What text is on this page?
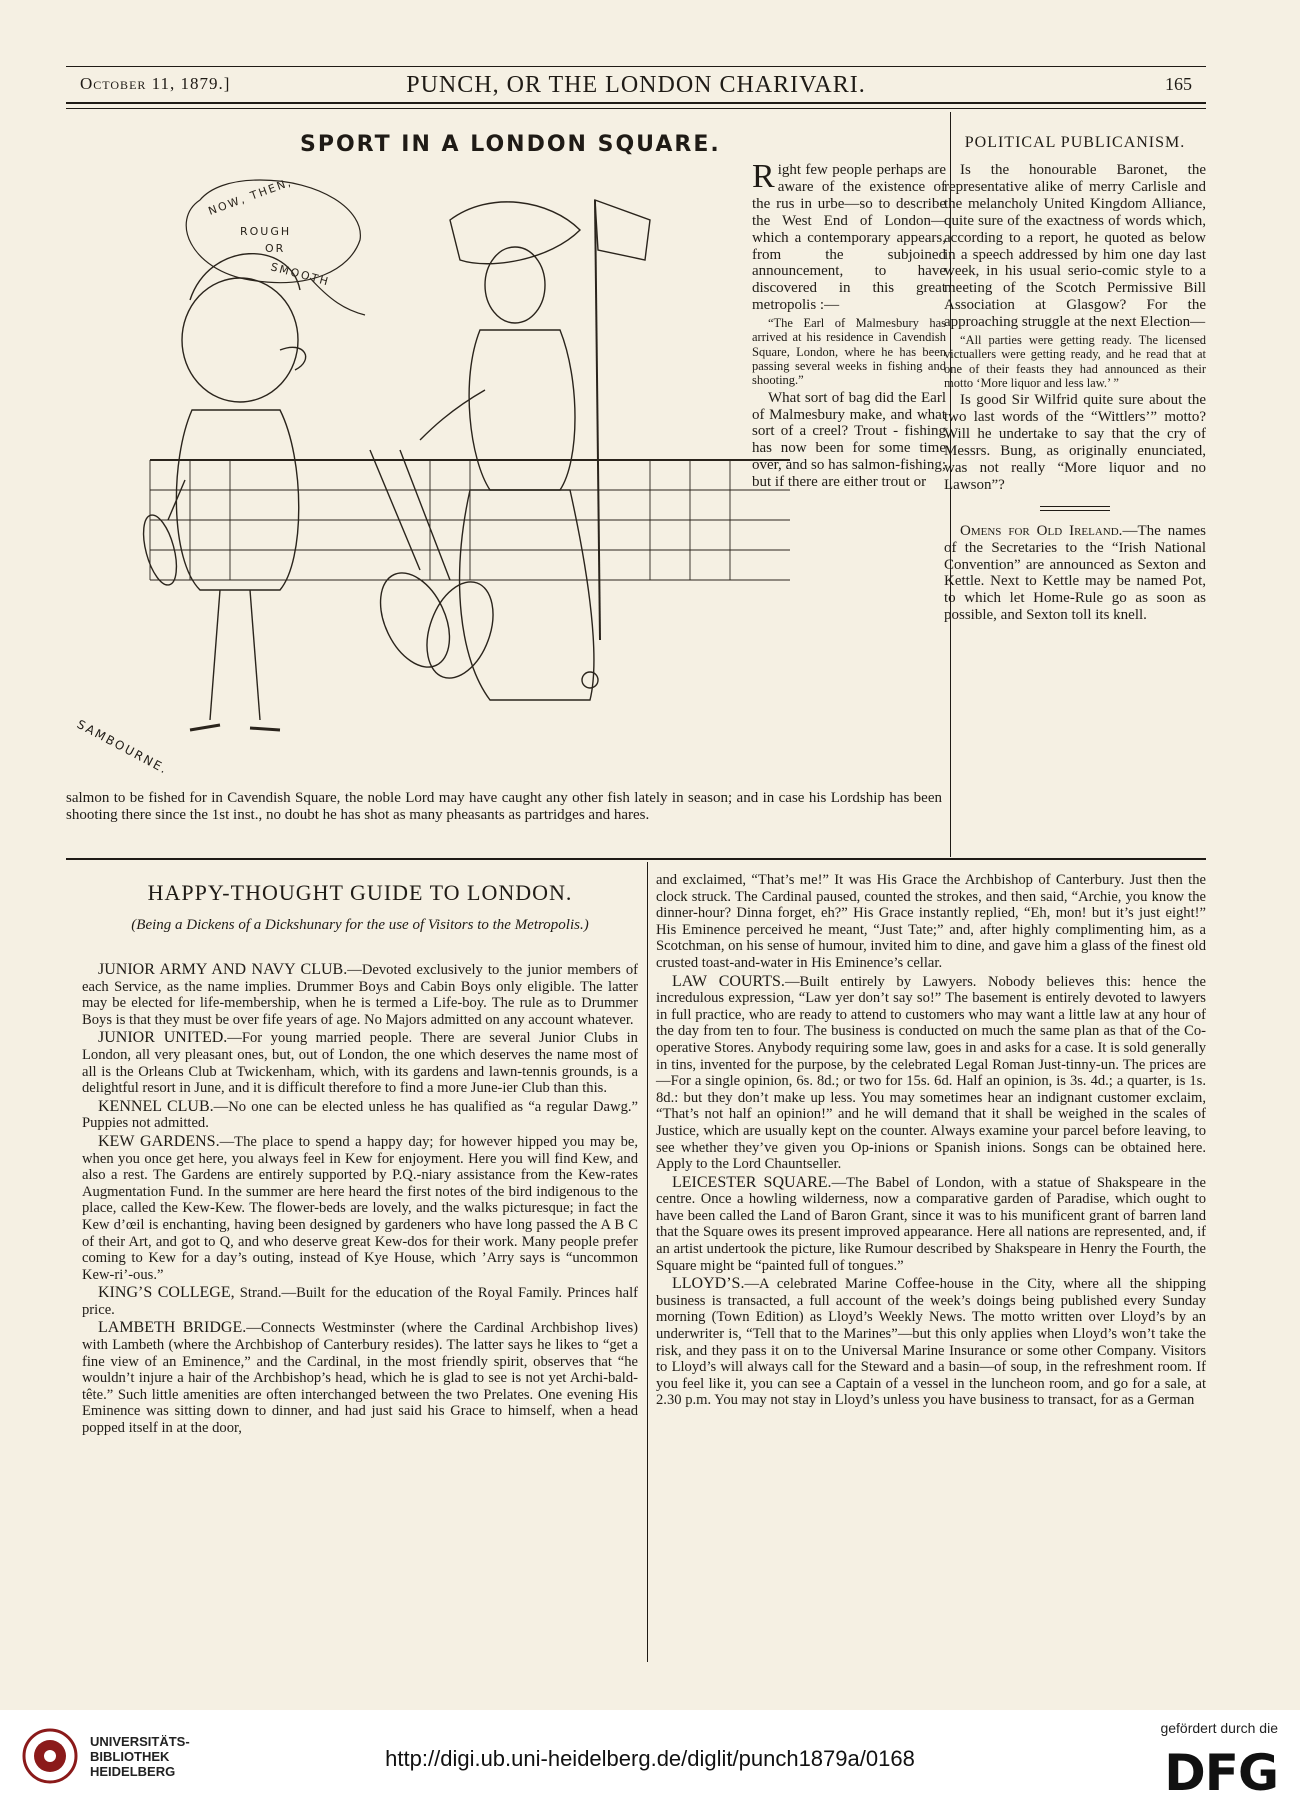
October 11, 1879.]	PUNCH, OR THE LONDON CHARIVARI.	165
SPORT IN A LONDON SQUARE.
NOW, THEN,
ROUGH
OR
SMOOTH
SAMBOURNE.

Right few people perhaps are aware of the existence of the rus in urbe—so to describe the West End of London—which a contemporary appears, from the subjoined announcement, to have discovered in this great metropolis :—

“The Earl of Malmesbury has arrived at his residence in Cavendish Square, London, where he has been passing several weeks in fishing and shooting.”

What sort of bag did the Earl of Malmesbury make, and what sort of a creel? Trout - fishing has now been for some time over, and so has salmon-fishing; but if there are either trout or

salmon to be fished for in Cavendish Square, the noble Lord may have caught any other fish lately in season; and in case his Lordship has been shooting there since the 1st inst., no doubt he has shot as many pheasants as partridges and hares.

POLITICAL PUBLICANISM.

Is the honourable Baronet, the representative alike of merry Carlisle and the melancholy United Kingdom Alliance, quite sure of the exactness of words which, according to a report, he quoted as below in a speech addressed by him one day last week, in his usual serio-comic style to a meeting of the Scotch Permissive Bill Association at Glasgow? For the approaching struggle at the next Election—

“All parties were getting ready. The licensed victuallers were getting ready, and he read that at one of their feasts they had announced as their motto ‘More liquor and less law.’ ”

Is good Sir Wilfrid quite sure about the two last words of the “Wittlers’” motto? Will he undertake to say that the cry of Messrs. Bung, as originally enunciated, was not really “More liquor and no Lawson”?

Omens for Old Ireland.—The names of the Secretaries to the “Irish National Convention” are announced as Sexton and Kettle. Next to Kettle may be named Pot, to which let Home-Rule go as soon as possible, and Sexton toll its knell.

HAPPY-THOUGHT GUIDE TO LONDON.
(Being a Dickens of a Dickshunary for the use of Visitors to the Metropolis.)

JUNIOR ARMY AND NAVY CLUB.—Devoted exclusively to the junior members of each Service, as the name implies. Drummer Boys and Cabin Boys only eligible. The latter may be elected for life-membership, when he is termed a Life-boy. The rule as to Drummer Boys is that they must be over fife years of age. No Majors admitted on any account whatever.

JUNIOR UNITED.—For young married people. There are several Junior Clubs in London, all very pleasant ones, but, out of London, the one which deserves the name most of all is the Orleans Club at Twickenham, which, with its gardens and lawn-tennis grounds, is a delightful resort in June, and it is difficult therefore to find a more June-ier Club than this.

KENNEL CLUB.—No one can be elected unless he has qualified as “a regular Dawg.” Puppies not admitted.

KEW GARDENS.—The place to spend a happy day; for however hipped you may be, when you once get here, you always feel in Kew for enjoyment. Here you will find Kew, and also a rest. The Gardens are entirely supported by P.Q.-niary assistance from the Kew-rates Augmentation Fund. In the summer are here heard the first notes of the bird indigenous to the place, called the Kew-Kew. The flower-beds are lovely, and the walks picturesque; in fact the Kew d’œil is enchanting, having been designed by gardeners who have long passed the A B C of their Art, and got to Q, and who deserve great Kew-dos for their work. Many people prefer coming to Kew for a day’s outing, instead of Kye House, which ’Arry says is “uncommon Kew-ri’-ous.”

KING’S COLLEGE, Strand.—Built for the education of the Royal Family. Princes half price.

LAMBETH BRIDGE.—Connects Westminster (where the Cardinal Archbishop lives) with Lambeth (where the Archbishop of Canterbury resides). The latter says he likes to “get a fine view of an Eminence,” and the Cardinal, in the most friendly spirit, observes that “he wouldn’t injure a hair of the Archbishop’s head, which he is glad to see is not yet Archi-bald-tête.” Such little amenities are often interchanged between the two Prelates. One evening His Eminence was sitting down to dinner, and had just said his Grace to himself, when a head popped itself in at the door,

and exclaimed, “That’s me!” It was His Grace the Archbishop of Canterbury. Just then the clock struck. The Cardinal paused, counted the strokes, and then said, “Archie, you know the dinner-hour? Dinna forget, eh?” His Grace instantly replied, “Eh, mon! but it’s just eight!” His Eminence perceived he meant, “Just Tate;” and, after highly complimenting him, as a Scotchman, on his sense of humour, invited him to dine, and gave him a glass of the finest old crusted toast-and-water in His Eminence’s cellar.

LAW COURTS.—Built entirely by Lawyers. Nobody believes this: hence the incredulous expression, “Law yer don’t say so!” The basement is entirely devoted to lawyers in full practice, who are ready to attend to customers who may want a little law at any hour of the day from ten to four. The business is conducted on much the same plan as that of the Co-operative Stores. Anybody requiring some law, goes in and asks for a case. It is sold generally in tins, invented for the purpose, by the celebrated Legal Roman Just-tinny-un. The prices are—For a single opinion, 6s. 8d.; or two for 15s. 6d. Half an opinion, is 3s. 4d.; a quarter, is 1s. 8d.: but they don’t make up less. You may sometimes hear an indignant customer exclaim, “That’s not half an opinion!” and he will demand that it shall be weighed in the scales of Justice, which are usually kept on the counter. Always examine your parcel before leaving, to see whether they’ve given you Op-inions or Spanish inions. Songs can be obtained here. Apply to the Lord Chauntseller.

LEICESTER SQUARE.—The Babel of London, with a statue of Shakspeare in the centre. Once a howling wilderness, now a comparative garden of Paradise, which ought to have been called the Land of Baron Grant, since it was to his munificent grant of barren land that the Square owes its present improved appearance. Here all nations are represented, and, if an artist undertook the picture, like Rumour described by Shakspeare in Henry the Fourth, the Square might be “painted full of tongues.”

LLOYD’S.—A celebrated Marine Coffee-house in the City, where all the shipping business is transacted, a full account of the week’s doings being published every Sunday morning (Town Edition) as Lloyd’s Weekly News. The motto written over Lloyd’s by an underwriter is, “Tell that to the Marines”—but this only applies when Lloyd’s won’t take the risk, and they pass it on to the Universal Marine Insurance or some other Company. Visitors to Lloyd’s will always call for the Steward and a basin—of soup, in the refreshment room. If you feel like it, you can see a Captain of a vessel in the luncheon room, and go for a sale, at 2.30 p.m. You may not stay in Lloyd’s unless you have business to transact, for as a German

UNIVERSITÄTS-
BIBLIOTHEK
HEIDELBERG
http://digi.ub.uni-heidelberg.de/diglit/punch1879a/0168
gefördert durch die
DFG
